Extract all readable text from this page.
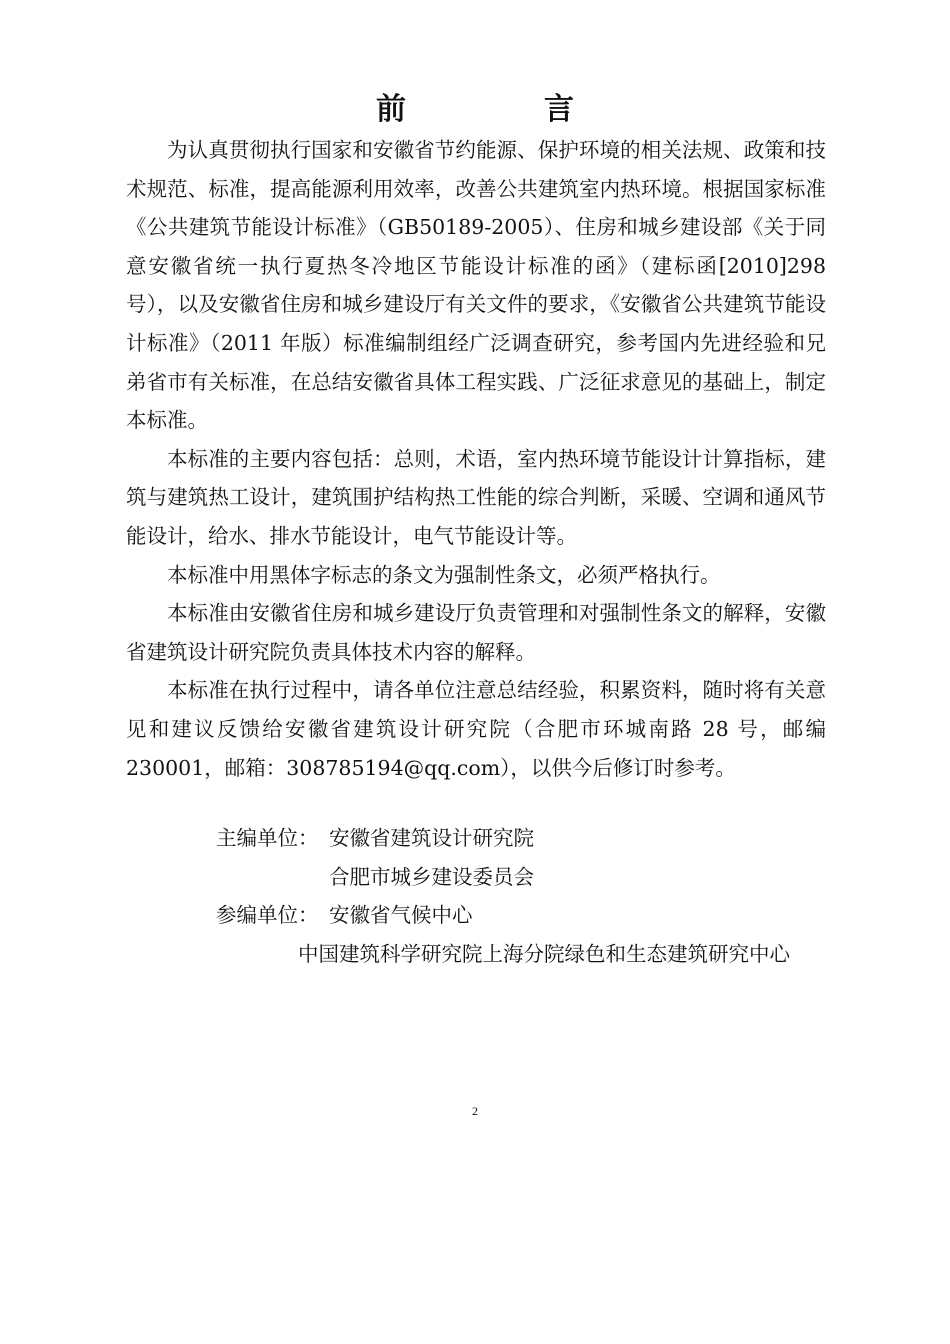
前　言

为认真贯彻执行国家和安徽省节约能源、保护环境的相关法规、政策和技术规范、标准，提高能源利用效率，改善公共建筑室内热环境。根据国家标准《公共建筑节能设计标准》（GB50189-2005）、住房和城乡建设部《关于同意安徽省统一执行夏热冬冷地区节能设计标准的函》（建标函[2010]298 号），以及安徽省住房和城乡建设厅有关文件的要求，《安徽省公共建筑节能设计标准》（2011 年版）标准编制组经广泛调查研究，参考国内先进经验和兄弟省市有关标准，在总结安徽省具体工程实践、广泛征求意见的基础上，制定本标准。

本标准的主要内容包括：总则，术语，室内热环境节能设计计算指标，建筑与建筑热工设计，建筑围护结构热工性能的综合判断，采暖、空调和通风节能设计，给水、排水节能设计，电气节能设计等。

本标准中用黑体字标志的条文为强制性条文，必须严格执行。

本标准由安徽省住房和城乡建设厅负责管理和对强制性条文的解释，安徽省建筑设计研究院负责具体技术内容的解释。

本标准在执行过程中，请各单位注意总结经验，积累资料，随时将有关意见和建议反馈给安徽省建筑设计研究院（合肥市环城南路 28 号，邮编 230001，邮箱：308785194@qq.com），以供今后修订时参考。

主编单位： 安徽省建筑设计研究院
合肥市城乡建设委员会
参编单位： 安徽省气候中心
中国建筑科学研究院上海分院绿色和生态建筑研究中心
2
